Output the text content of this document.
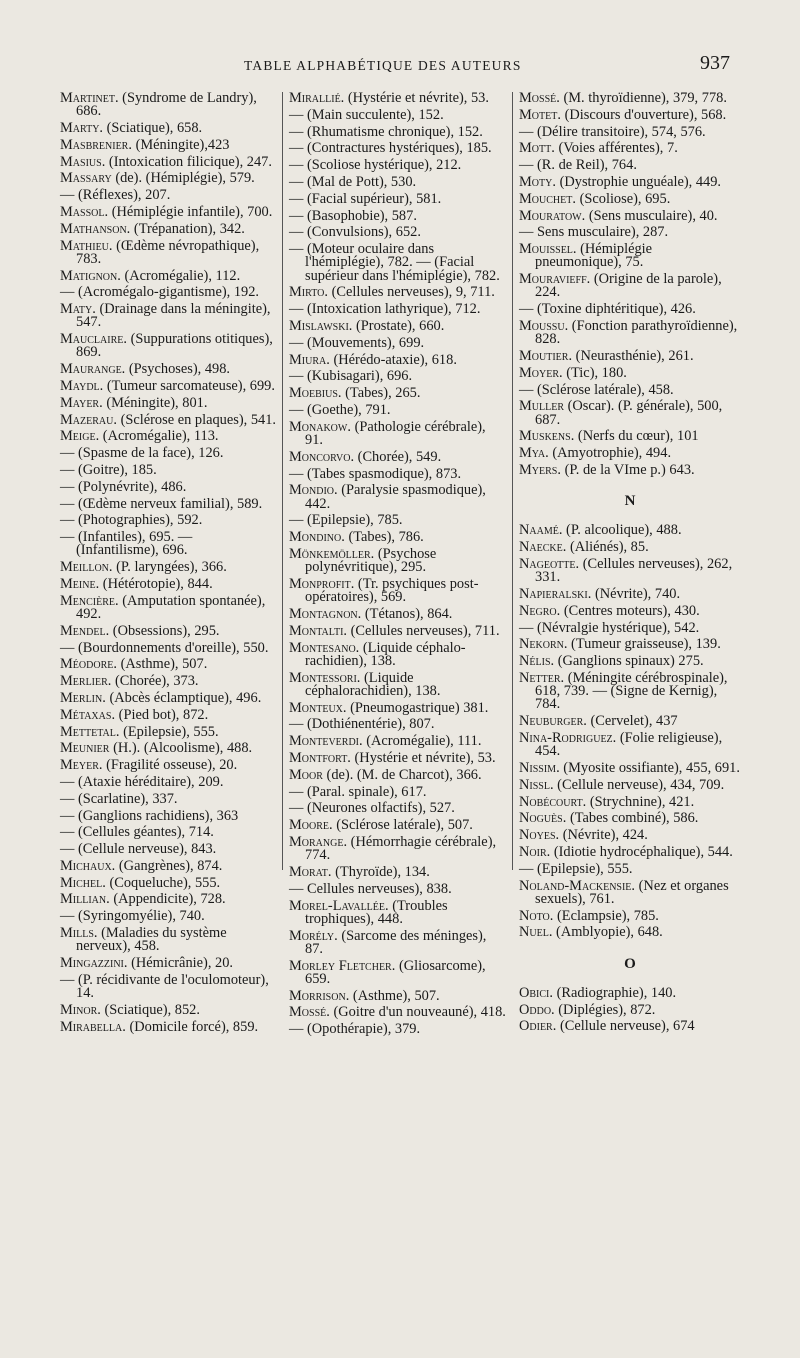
TABLE ALPHABÉTIQUE DES AUTEURS	937
Martinet. (Syndrome de Landry), 686.
Marty. (Sciatique), 658.
Masbrenier. (Méningite),423
Masius. (Intoxication filicique), 247.
Massary (de). (Hémiplégie), 579.
— (Réflexes), 207.
Massol. (Hémiplégie infantile), 700.
Mathanson. (Trépanation), 342.
Mathieu. (Œdème névropathique), 783.
Matignon. (Acromégalie), 112.
— (Acromégalo-gigantisme), 192.
Maty. (Drainage dans la méningite), 547.
Mauclaire. (Suppurations otitiques), 869.
Maurange. (Psychoses), 498.
Maydl. (Tumeur sarcomateuse), 699.
Mayer. (Méningite), 801.
Mazerau. (Sclérose en plaques), 541.
Meige. (Acromégalie), 113.
— (Spasme de la face), 126.
— (Goitre), 185.
— (Polynévrite), 486.
— (Œdème nerveux familial), 589.
— (Photographies), 592.
— (Infantiles), 695. — (Infantilisme), 696.
Meillon. (P. laryngées), 366.
Meine. (Hétérotopie), 844.
Mencière. (Amputation spontanée), 492.
Mendel. (Obsessions), 295.
— (Bourdonnements d'oreille), 550.
Méodore. (Asthme), 507.
Merlier. (Chorée), 373.
Merlin. (Abcès éclamptique), 496.
Métaxas. (Pied bot), 872.
Mettetal. (Epilepsie), 555.
Meunier (H.). (Alcoolisme), 488.
Meyer. (Fragilité osseuse), 20.
— (Ataxie héréditaire), 209.
— (Scarlatine), 337.
— (Ganglions rachidiens), 363
— (Cellules géantes), 714.
— (Cellule nerveuse), 843.
Michaux. (Gangrènes), 874.
Michel. (Coqueluche), 555.
Millian. (Appendicite), 728.
— (Syringomyélie), 740.
Mills. (Maladies du système nerveux), 458.
Mingazzini. (Hémicrânie), 20.
— (P. récidivante de l'oculomoteur), 14.
Minor. (Sciatique), 852.
Mirabella. (Domicile forcé), 859.
Mirallié. (Hystérie et névrite), 53.
— (Main succulente), 152.
— (Rhumatisme chronique), 152.
— (Contractures hystériques), 185.
— (Scoliose hystérique), 212.
— (Mal de Pott), 530.
— (Facial supérieur), 581.
— (Basophobie), 587.
— (Convulsions), 652.
— (Moteur oculaire dans l'hémiplégie), 782. — (Facial supérieur dans l'hémiplégie), 782.
Mirto. (Cellules nerveuses), 9, 711.
— (Intoxication lathyrique), 712.
Mislawski. (Prostate), 660.
— (Mouvements), 699.
Miura. (Hérédo-ataxie), 618.
— (Kubisagari), 696.
Moebius. (Tabes), 265.
— (Goethe), 791.
Monakow. (Pathologie cérébrale), 91.
Moncorvo. (Chorée), 549.
— (Tabes spasmodique), 873.
Mondio. (Paralysie spasmodique), 442.
— (Epilepsie), 785.
Mondino. (Tabes), 786.
Mönkemöller. (Psychose polynévritique), 295.
Monprofit. (Tr. psychiques post-opératoires), 569.
Montagnon. (Tétanos), 864.
Montalti. (Cellules nerveuses), 711.
Montesano. (Liquide céphalo-rachidien), 138.
Montessori. (Liquide céphalorachidien), 138.
Monteux. (Pneumogastrique) 381.
— (Dothiénentérie), 807.
Monteverdi. (Acromégalie), 111.
Montfort. (Hystérie et névrite), 53.
Moor (de). (M. de Charcot), 366.
— (Paral. spinale), 617.
— (Neurones olfactifs), 527.
Moore. (Sclérose latérale), 507.
Morange. (Hémorrhagie cérébrale), 774.
Morat. (Thyroïde), 134.
— Cellules nerveuses), 838.
Morel-Lavallée. (Troubles trophiques), 448.
Morély. (Sarcome des méninges), 87.
Morley Fletcher. (Gliosarcome), 659.
Morrison. (Asthme), 507.
Mossé. (Goitre d'un nouveauné), 418.
— (Opothérapie), 379.
Mossé. (M. thyroïdienne), 379, 778.
Motet. (Discours d'ouverture), 568.
— (Délire transitoire), 574, 576.
Mott. (Voies afférentes), 7.
— (R. de Reil), 764.
Moty. (Dystrophie unguéale), 449.
Mouchet. (Scoliose), 695.
Mouratow. (Sens musculaire), 40.
— Sens musculaire), 287.
Mouissel. (Hémiplégie pneumonique), 75.
Mouravieff. (Origine de la parole), 224.
— (Toxine diphtéritique), 426.
Moussu. (Fonction parathyroïdienne), 828.
Moutier. (Neurasthénie), 261.
Moyer. (Tic), 180.
— (Sclérose latérale), 458.
Muller (Oscar). (P. générale), 500, 687.
Muskens. (Nerfs du cœur), 101
Mya. (Amyotrophie), 494.
Myers. (P. de la VIme p.) 643.
N
Naamé. (P. alcoolique), 488.
Naecke. (Aliénés), 85.
Nageotte. (Cellules nerveuses), 262, 331.
Napieralski. (Névrite), 740.
Negro. (Centres moteurs), 430.
— (Névralgie hystérique), 542.
Nekorn. (Tumeur graisseuse), 139.
Nélis. (Ganglions spinaux) 275.
Netter. (Méningite cérébrospinale), 618, 739. — (Signe de Kernig), 784.
Neuburger. (Cervelet), 437
Nina-Rodriguez. (Folie religieuse), 454.
Nissim. (Myosite ossifiante), 455, 691.
Nissl. (Cellule nerveuse), 434, 709.
Nobécourt. (Strychnine), 421.
Noguès. (Tabes combiné), 586.
Noyes. (Névrite), 424.
Noir. (Idiotie hydrocéphalique), 544.
— (Epilepsie), 555.
Noland-Mackensie. (Nez et organes sexuels), 761.
Noto. (Eclampsie), 785.
Nuel. (Amblyopie), 648.
O
Obici. (Radiographie), 140.
Oddo. (Diplégies), 872.
Odier. (Cellule nerveuse), 674
